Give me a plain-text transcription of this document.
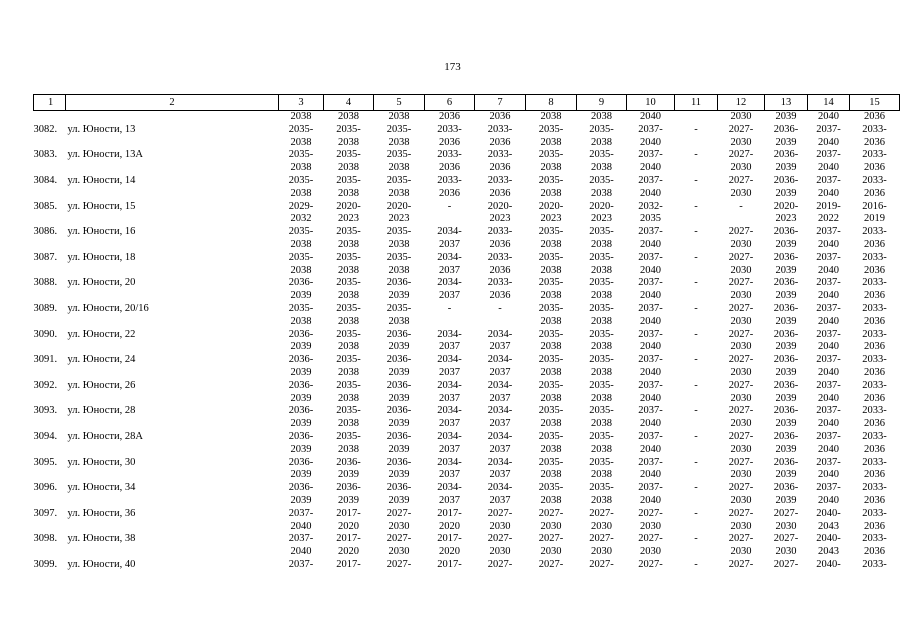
173
1	2	3	4	5	6	7	8	9	10	11	12	13	14	15
		2038	2038	2038	2036	2036	2038	2038	2040		2030	2039	2040	2036
3082.	ул. Юности, 13	2035-	2035-	2035-	2033-	2033-	2035-	2035-	2037-	-	2027-	2036-	2037-	2033-
		2038	2038	2038	2036	2036	2038	2038	2040		2030	2039	2040	2036
3083.	ул. Юности, 13А	2035-	2035-	2035-	2033-	2033-	2035-	2035-	2037-	-	2027-	2036-	2037-	2033-
		2038	2038	2038	2036	2036	2038	2038	2040		2030	2039	2040	2036
3084.	ул. Юности, 14	2035-	2035-	2035-	2033-	2033-	2035-	2035-	2037-	-	2027-	2036-	2037-	2033-
		2038	2038	2038	2036	2036	2038	2038	2040		2030	2039	2040	2036
3085.	ул. Юности, 15	2029-	2020-	2020-	-	2020-	2020-	2020-	2032-	-	-	2020-	2019-	2016-
		2032	2023	2023		2023	2023	2023	2035			2023	2022	2019
3086.	ул. Юности, 16	2035-	2035-	2035-	2034-	2033-	2035-	2035-	2037-	-	2027-	2036-	2037-	2033-
		2038	2038	2038	2037	2036	2038	2038	2040		2030	2039	2040	2036
3087.	ул. Юности, 18	2035-	2035-	2035-	2034-	2033-	2035-	2035-	2037-	-	2027-	2036-	2037-	2033-
		2038	2038	2038	2037	2036	2038	2038	2040		2030	2039	2040	2036
3088.	ул. Юности, 20	2036-	2035-	2036-	2034-	2033-	2035-	2035-	2037-	-	2027-	2036-	2037-	2033-
		2039	2038	2039	2037	2036	2038	2038	2040		2030	2039	2040	2036
3089.	ул. Юности, 20/16	2035-	2035-	2035-	-	-	2035-	2035-	2037-	-	2027-	2036-	2037-	2033-
		2038	2038	2038			2038	2038	2040		2030	2039	2040	2036
3090.	ул. Юности, 22	2036-	2035-	2036-	2034-	2034-	2035-	2035-	2037-	-	2027-	2036-	2037-	2033-
		2039	2038	2039	2037	2037	2038	2038	2040		2030	2039	2040	2036
3091.	ул. Юности, 24	2036-	2035-	2036-	2034-	2034-	2035-	2035-	2037-	-	2027-	2036-	2037-	2033-
		2039	2038	2039	2037	2037	2038	2038	2040		2030	2039	2040	2036
3092.	ул. Юности, 26	2036-	2035-	2036-	2034-	2034-	2035-	2035-	2037-	-	2027-	2036-	2037-	2033-
		2039	2038	2039	2037	2037	2038	2038	2040		2030	2039	2040	2036
3093.	ул. Юности, 28	2036-	2035-	2036-	2034-	2034-	2035-	2035-	2037-	-	2027-	2036-	2037-	2033-
		2039	2038	2039	2037	2037	2038	2038	2040		2030	2039	2040	2036
3094.	ул. Юности, 28А	2036-	2035-	2036-	2034-	2034-	2035-	2035-	2037-	-	2027-	2036-	2037-	2033-
		2039	2038	2039	2037	2037	2038	2038	2040		2030	2039	2040	2036
3095.	ул. Юности, 30	2036-	2036-	2036-	2034-	2034-	2035-	2035-	2037-	-	2027-	2036-	2037-	2033-
		2039	2039	2039	2037	2037	2038	2038	2040		2030	2039	2040	2036
3096.	ул. Юности, 34	2036-	2036-	2036-	2034-	2034-	2035-	2035-	2037-	-	2027-	2036-	2037-	2033-
		2039	2039	2039	2037	2037	2038	2038	2040		2030	2039	2040	2036
3097.	ул. Юности, 36	2037-	2017-	2027-	2017-	2027-	2027-	2027-	2027-	-	2027-	2027-	2040-	2033-
		2040	2020	2030	2020	2030	2030	2030	2030		2030	2030	2043	2036
3098.	ул. Юности, 38	2037-	2017-	2027-	2017-	2027-	2027-	2027-	2027-	-	2027-	2027-	2040-	2033-
		2040	2020	2030	2020	2030	2030	2030	2030		2030	2030	2043	2036
3099.	ул. Юности, 40	2037-	2017-	2027-	2017-	2027-	2027-	2027-	2027-	-	2027-	2027-	2040-	2033-
